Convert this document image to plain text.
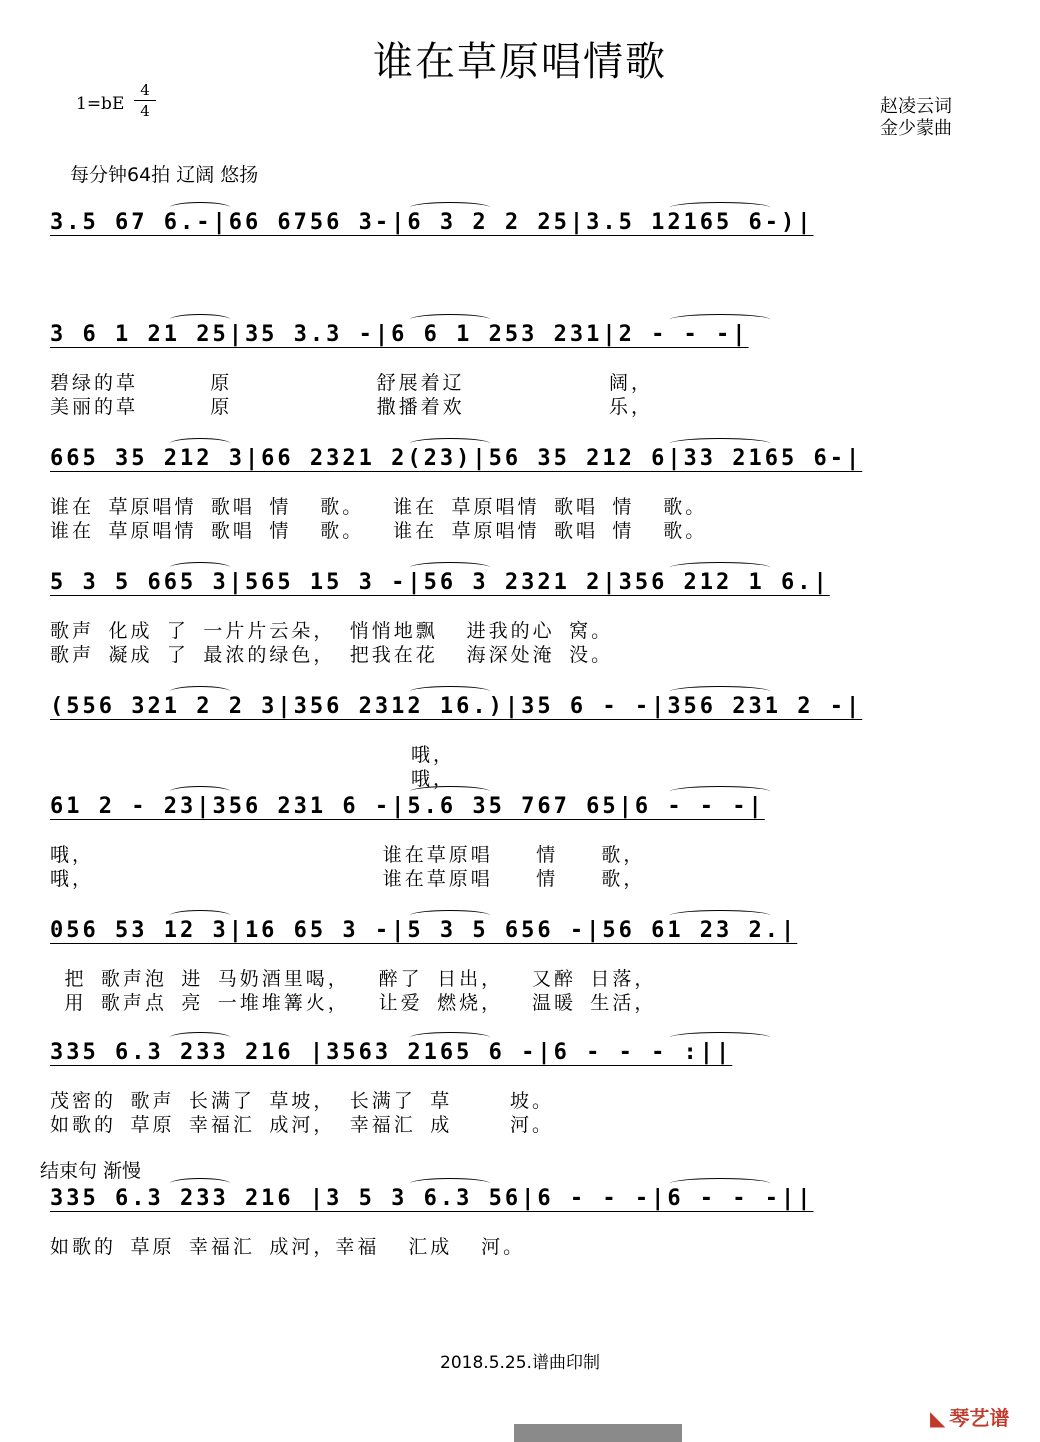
谁在草原唱情歌
1=bE
4
4	赵凌云词
金少蒙曲
每分钟64拍 辽阔 悠扬
结束句 渐慢
3.5 67 6.-|66 6756 3-|6 3 2 2 25|3.5 12165 6-)|
3 6 1 21 25|35 3.3 -|6 6 1 253 231|2 - - -|
碧绿的草     原          舒展着辽          阔，
美丽的草     原          撒播着欢          乐，
665 35 212 3|66 2321 2(23)|56 35 212 6|33 2165 6-|
谁在 草原唱情 歌唱 情  歌。  谁在 草原唱情 歌唱 情  歌。
谁在 草原唱情 歌唱 情  歌。  谁在 草原唱情 歌唱 情  歌。
5 3 5 665 3|565 15 3 -|56 3 2321 2|356 212 1 6.|
歌声 化成 了 一片片云朵， 悄悄地飘  进我的心 窝。
歌声 凝成 了 最浓的绿色， 把我在花  海深处淹 没。
(556 321 2 2 3|356 2312 16.)|35 6 - -|356 231 2 -|
哦，
哦，
61 2 - 23|356 231 6 -|5.6 35 767 65|6 - - -|
哦，                    谁在草原唱   情   歌，
哦，                    谁在草原唱   情   歌，
056 53 12 3|16 65 3 -|5 3 5 656 -|56 61 23 2.|
把 歌声泡 进 马奶酒里喝，  醉了 日出，  又醉 日落，
用 歌声点 亮 一堆堆篝火，  让爱 燃烧，  温暖 生活，
335 6.3 233 216 |3563 2165 6 -|6 - - - :||
茂密的 歌声 长满了 草坡， 长满了 草    坡。
如歌的 草原 幸福汇 成河， 幸福汇 成    河。
335 6.3 233 216 |3 5 3 6.3 56|6 - - -|6 - - -||
如歌的 草原 幸福汇 成河，幸福  汇成  河。
2018.5.25.谱曲印制
◣ 琴艺谱
